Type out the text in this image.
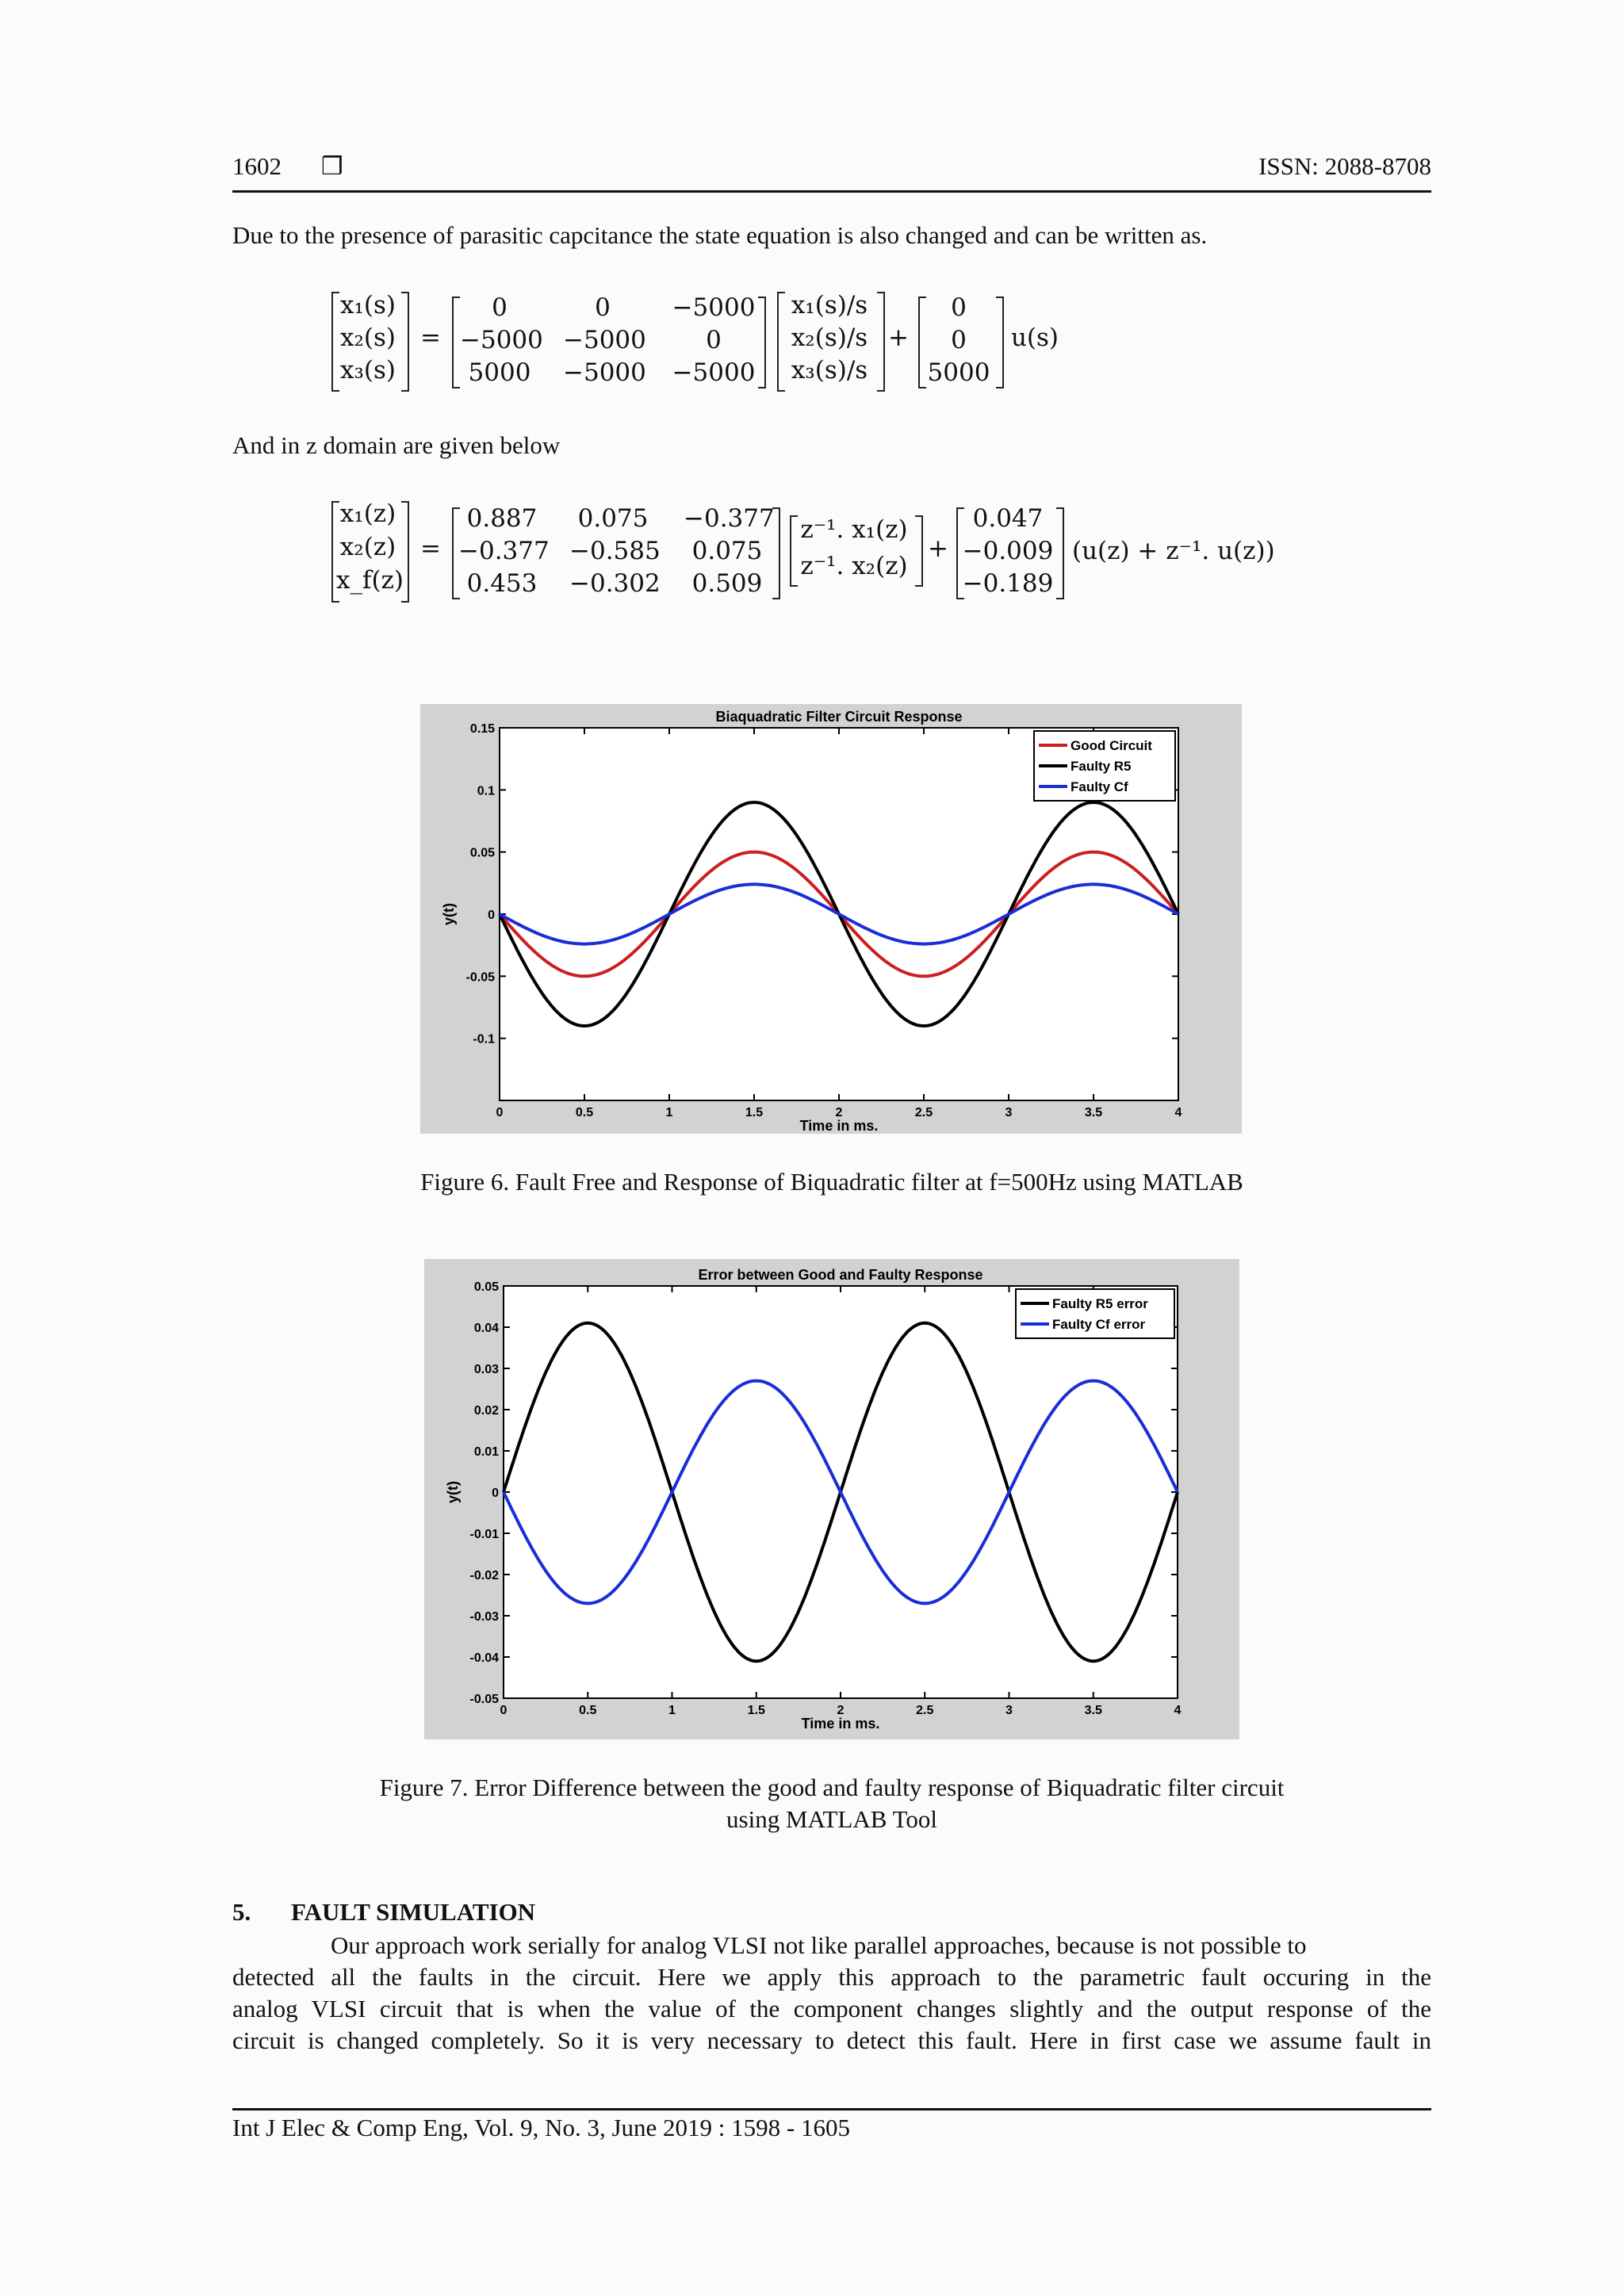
1602 ❒	ISSN: 2088-8708
Due to the presence of parasitic capcitance the state equation is also changed and can be written as.
x₁(s)
x₂(s)
x₃(s)
=
0	0	−5000
−5000 −5000	0
5000	−5000 −5000
x₁(s)/s
x₂(s)/s
x₃(s)/s
+
0
0
5000
u(s)
And in z domain are given below
x₁(z)
x₂(z)
x_f(z)
=
0.887	0.075	−0.377
−0.377 −0.585	0.075
0.453	−0.302	0.509
z⁻¹. x₁(z)
z⁻¹. x₂(z)
+
0.047
−0.009
−0.189
(u(z) + z⁻¹. u(z))
Biaquadratic Filter Circuit Response
0	0.5	1	1.5	2	2.5	3	3.5	4
0.15
0.1
0.05
0
-0.05
-0.1
Time in ms.
y(t)
Good Circuit
Faulty R5
Faulty Cf
Figure 6. Fault Free and Response of Biquadratic filter at f=500Hz using MATLAB
Error between Good and Faulty Response
0	0.5	1	1.5	2	2.5	3	3.5	4
0.05
0.04
0.03
0.02
0.01
0
-0.01
-0.02
-0.03
-0.04
-0.05
Time in ms.
y(t)
Faulty R5 error
Faulty Cf error
Figure 7. Error Difference between the good and faulty response of Biquadratic filter circuit
using MATLAB Tool
5. FAULT SIMULATION
Our approach work serially for analog VLSI not like parallel approaches, because is not possible to
detected all the faults in the circuit. Here we apply this approach to the parametric fault occuring in the
analog VLSI circuit that is when the value of the component changes slightly and the output response of the
circuit is changed completely. So it is very necessary to detect this fault. Here in first case we assume fault in
Int J Elec & Comp Eng, Vol. 9, No. 3, June 2019 : 1598 - 1605
